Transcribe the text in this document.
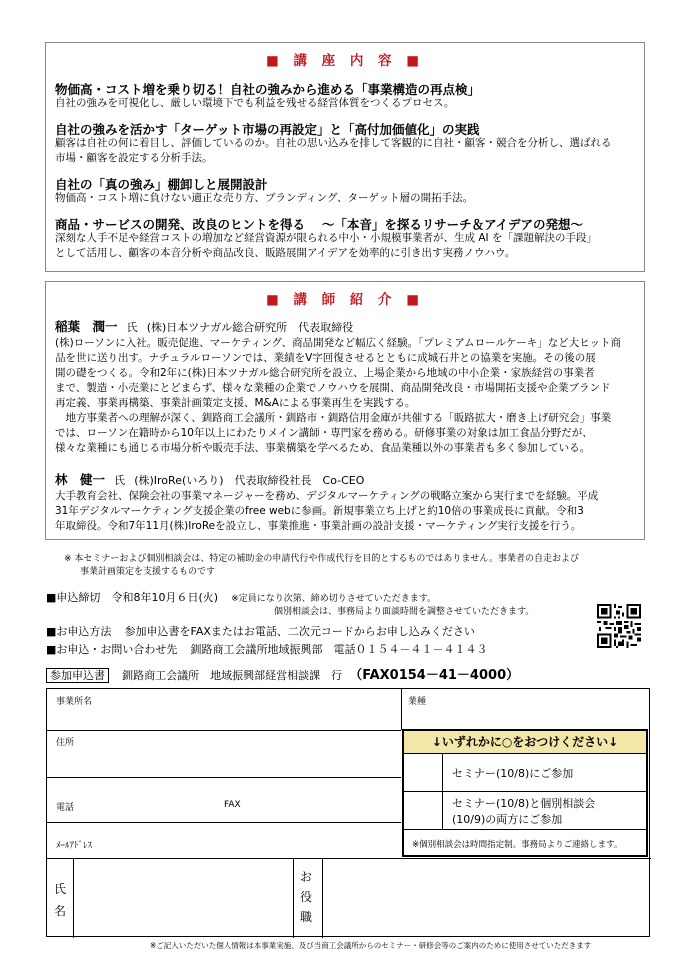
■ 講 座 内 容 ■
物価高・コスト増を乗り切る！自社の強みから進める「事業構造の再点検」
自社の強みを可視化し、厳しい環境下でも利益を残せる経営体質をつくるプロセス。
自社の強みを活かす「ターゲット市場の再設定」と「高付加価値化」の実践
顧客は自社の何に着目し、評価しているのか。自社の思い込みを排して客観的に自社・顧客・競合を分析し、選ばれる
市場・顧客を設定する分析手法。
自社の「真の強み」棚卸しと展開設計
物価高・コスト増に負けない適正な売り方、ブランディング、ターゲット層の開拓手法。
商品・サービスの開発、改良のヒントを得る　 ～「本音」を探るリサーチ＆アイデアの発想～
深刻な人手不足や経営コストの増加など経営資源が限られる中小・小規模事業者が、生成 AI を「課題解決の手段」
として活用し、顧客の本音分析や商品改良、販路展開アイデアを効率的に引き出す実務ノウハウ。
■ 講 師 紹 介 ■
稲葉　潤一 氏 (株)日本ツナガル総合研究所　代表取締役
(株)ローソンに入社。販売促進、マーケティング、商品開発など幅広く経験。「プレミアムロールケーキ」など大ヒット商
品を世に送り出す。ナチュラルローソンでは、業績をV字回復させるとともに成城石井との協業を実施。その後の展
開の礎をつくる。令和2年に(株)日本ツナガル総合研究所を設立、上場企業から地域の中小企業・家族経営の事業者
まで、製造・小売業にとどまらず、様々な業種の企業でノウハウを展開、商品開発改良・市場開拓支援や企業ブランド
再定義、事業再構築、事業計画策定支援、M&Aによる事業再生を実践する。
　地方事業者への理解が深く、釧路商工会議所・釧路市・釧路信用金庫が共催する「販路拡大・磨き上げ研究会」事業
では、ローソン在籍時から10年以上にわたりメイン講師・専門家を務める。研修事業の対象は加工食品分野だが、
様々な業種にも通じる市場分析や販売手法、事業構築を学べるため、食品業種以外の事業者も多く参加している。
林　健一 氏 (株)IroRe(いろり)　代表取締役社長　Co-CEO
大手教育会社、保険会社の事業マネージャーを務め、デジタルマーケティングの戦略立案から実行までを経験。平成
31年デジタルマーケティング支援企業のfree webに参画。新規事業立ち上げと約10倍の事業成長に貢献。令和3
年取締役。令和7年11月(株)IroReを設立し、事業推進・事業計画の設計支援・マーケティング実行支援を行う。
※ 本セミナーおよび個別相談会は、特定の補助金の申請代行や作成代行を目的とするものではありません。事業者の自走および
事業計画策定を支援するものです
■申込締切 令和8年10月６日(火) ※定員になり次第、締め切りさせていただきます。
個別相談会は、事務局より面談時間を調整させていただきます。
■お申込方法 参加申込書をFAXまたはお電話、二次元コードからお申し込みください
■お申込・お問い合わせ先 釧路商工会議所地域振興部　電話０１５４－４１－４１４３
参加申込書 釧路商工会議所　地域振興部経営相談課　行 （FAX0154－41－4000）
事業所名	業種
↓いずれかに○をおつけください↓
セミナー(10/8)にご参加
セミナー(10/8)と個別相談会
(10/9)の両方にご参加
※個別相談会は時間指定制。事務局よりご連絡します。
住所
電話	FAX
ﾒｰﾙｱﾄﾞﾚｽ
氏
名
お
役
職
※ご記入いただいた個人情報は本事業実施、及び当商工会議所からのセミナー・研修会等のご案内のために使用させていただきます
